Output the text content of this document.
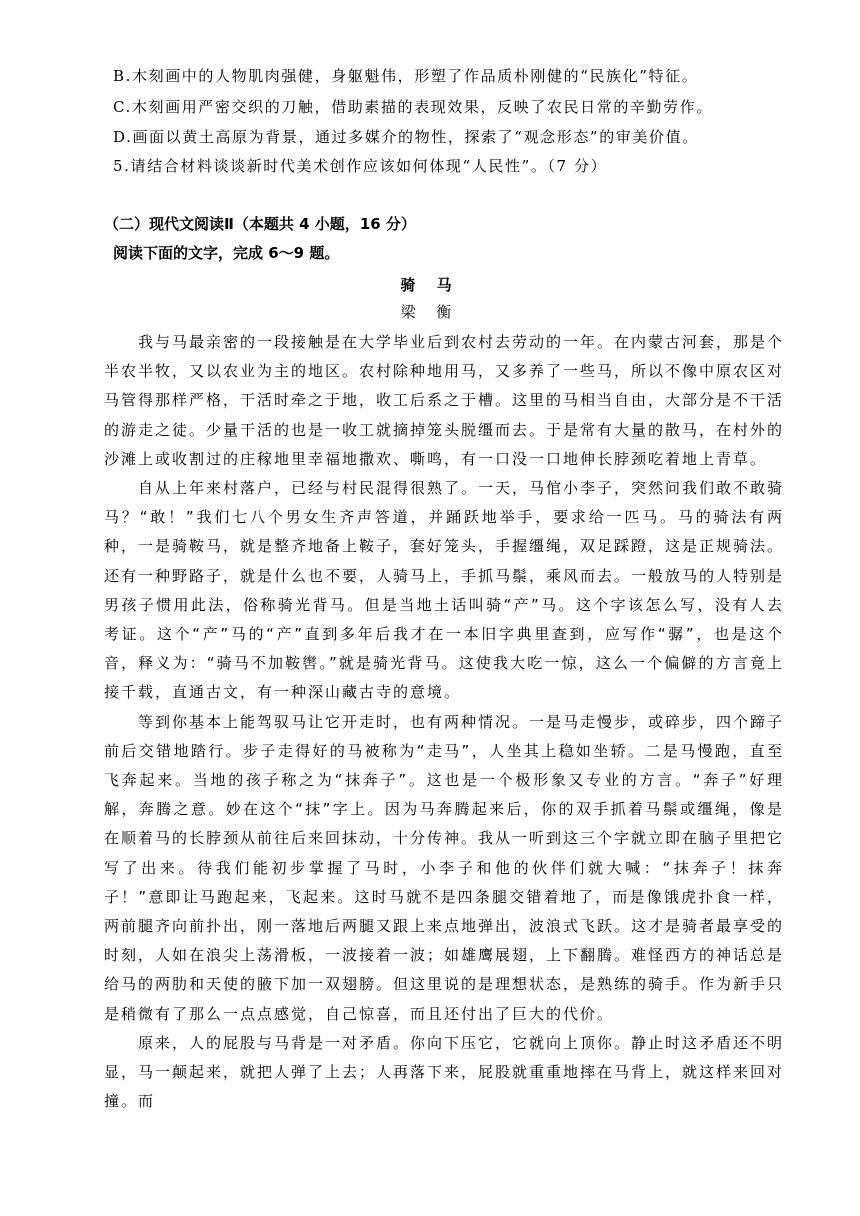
B.木刻画中的人物肌肉强健，身躯魁伟，形塑了作品质朴刚健的“民族化”特征。
C.木刻画用严密交织的刀触，借助素描的表现效果，反映了农民日常的辛勤劳作。
D.画面以黄土高原为背景，通过多媒介的物性，探索了“观念形态”的审美价值。
5.请结合材料谈谈新时代美术创作应该如何体现“人民性”。（7 分）
（二）现代文阅读Ⅱ（本题共 4 小题，16 分）
阅读下面的文字，完成 6～9 题。
骑 马
梁 衡

我与马最亲密的一段接触是在大学毕业后到农村去劳动的一年。在内蒙古河套，那是个半农半牧，又以农业为主的地区。农村除种地用马，又多养了一些马，所以不像中原农区对马管得那样严格，干活时牵之于地，收工后系之于槽。这里的马相当自由，大部分是不干活的游走之徒。少量干活的也是一收工就摘掉笼头脱缰而去。于是常有大量的散马，在村外的沙滩上或收割过的庄稼地里幸福地撒欢、嘶鸣，有一口没一口地伸长脖颈吃着地上青草。

自从上年来村落户，已经与村民混得很熟了。一天，马倌小李子，突然问我们敢不敢骑马？“敢！”我们七八个男女生齐声答道，并踊跃地举手，要求给一匹马。马的骑法有两种，一是骑鞍马，就是整齐地备上鞍子，套好笼头，手握缰绳，双足踩蹬，这是正规骑法。还有一种野路子，就是什么也不要，人骑马上，手抓马鬃，乘风而去。一般放马的人特别是男孩子惯用此法，俗称骑光背马。但是当地土话叫骑“产”马。这个字该怎么写，没有人去考证。这个“产”马的“产”直到多年后我才在一本旧字典里查到，应写作“骣”，也是这个音，释义为：“骑马不加鞍辔。”就是骑光背马。这使我大吃一惊，这么一个偏僻的方言竟上接千载，直通古文，有一种深山藏古寺的意境。

等到你基本上能驾驭马让它开走时，也有两种情况。一是马走慢步，或碎步，四个蹄子前后交错地踏行。步子走得好的马被称为“走马”，人坐其上稳如坐轿。二是马慢跑，直至飞奔起来。当地的孩子称之为“抹奔子”。这也是一个极形象又专业的方言。“奔子”好理解，奔腾之意。妙在这个“抹”字上。因为马奔腾起来后，你的双手抓着马鬃或缰绳，像是在顺着马的长脖颈从前往后来回抹动，十分传神。我从一听到这三个字就立即在脑子里把它写了出来。待我们能初步掌握了马时，小李子和他的伙伴们就大喊：“抹奔子！抹奔子！”意即让马跑起来，飞起来。这时马就不是四条腿交错着地了，而是像饿虎扑食一样，两前腿齐向前扑出，刚一落地后两腿又跟上来点地弹出，波浪式飞跃。这才是骑者最享受的时刻，人如在浪尖上荡滑板，一波接着一波；如雄鹰展翅，上下翻腾。难怪西方的神话总是给马的两肋和天使的腋下加一双翅膀。但这里说的是理想状态，是熟练的骑手。作为新手只是稍微有了那么一点点感觉，自己惊喜，而且还付出了巨大的代价。

原来，人的屁股与马背是一对矛盾。你向下压它，它就向上顶你。静止时这矛盾还不明显，马一颠起来，就把人弹了上去；人再落下来，屁股就重重地摔在马背上，就这样来回对撞。而
